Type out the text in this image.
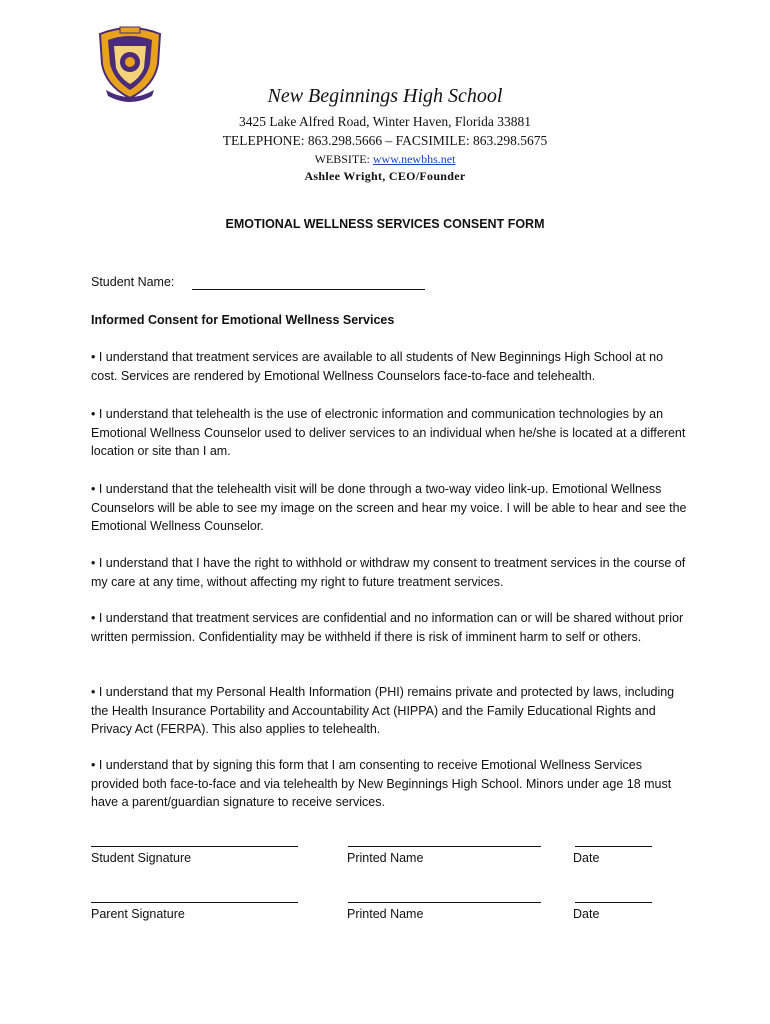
New Beginnings High School
3425 Lake Alfred Road, Winter Haven, Florida 33881
TELEPHONE: 863.298.5666 – FACSIMILE: 863.298.5675
WEBSITE: www.newbhs.net
Ashlee Wright, CEO/Founder
EMOTIONAL WELLNESS SERVICES CONSENT FORM
Student Name:
Informed Consent for Emotional Wellness Services
• I understand that treatment services are available to all students of New Beginnings High School at no cost. Services are rendered by Emotional Wellness Counselors face-to-face and telehealth.
• I understand that telehealth is the use of electronic information and communication technologies by an Emotional Wellness Counselor used to deliver services to an individual when he/she is located at a different location or site than I am.
• I understand that the telehealth visit will be done through a two-way video link-up. Emotional Wellness Counselors will be able to see my image on the screen and hear my voice. I will be able to hear and see the Emotional Wellness Counselor.
• I understand that I have the right to withhold or withdraw my consent to treatment services in the course of my care at any time, without affecting my right to future treatment services.
• I understand that treatment services are confidential and no information can or will be shared without prior written permission. Confidentiality may be withheld if there is risk of imminent harm to self or others.
• I understand that my Personal Health Information (PHI) remains private and protected by laws, including the Health Insurance Portability and Accountability Act (HIPPA) and the Family Educational Rights and Privacy Act (FERPA). This also applies to telehealth.
• I understand that by signing this form that I am consenting to receive Emotional Wellness Services provided both face-to-face and via telehealth by New Beginnings High School. Minors under age 18 must have a parent/guardian signature to receive services.
Student Signature	Printed Name	Date
Parent Signature	Printed Name	Date
